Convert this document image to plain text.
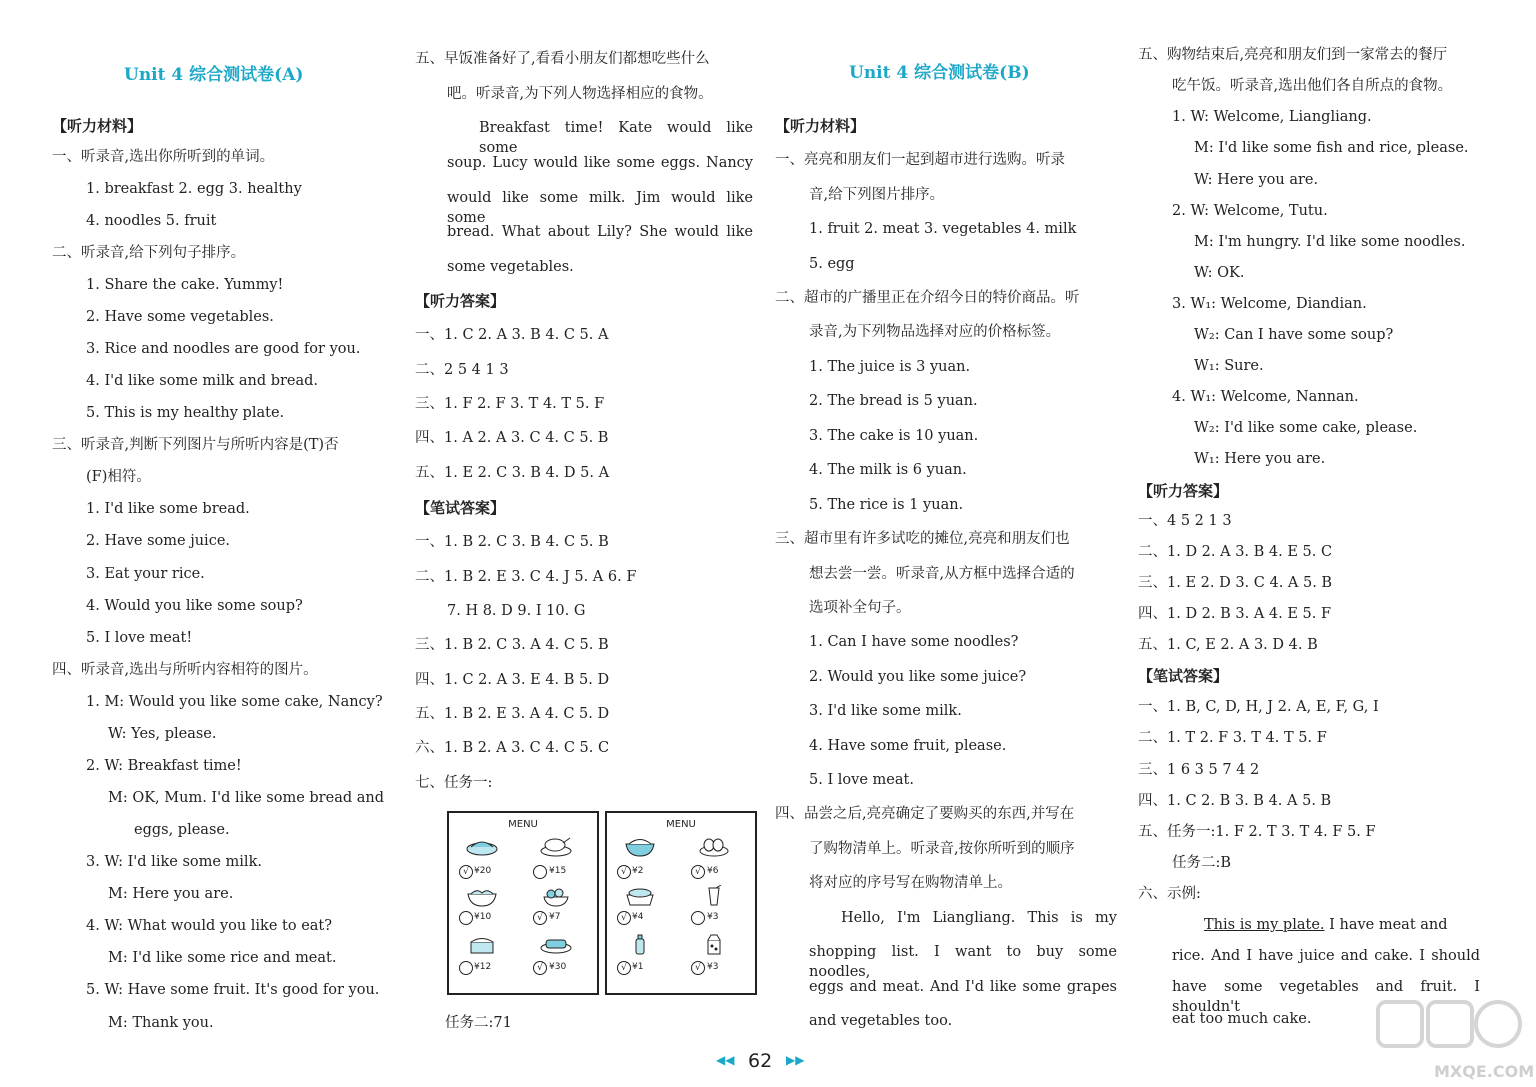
Unit 4 综合测试卷(A)
【听力材料】
一、听录音,选出你所听到的单词。
1. breakfast 2. egg 3. healthy
4. noodles 5. fruit
二、听录音,给下列句子排序。
1. Share the cake. Yummy!
2. Have some vegetables.
3. Rice and noodles are good for you.
4. I'd like some milk and bread.
5. This is my healthy plate.
三、听录音,判断下列图片与所听内容是(T)否
(F)相符。
1. I'd like some bread.
2. Have some juice.
3. Eat your rice.
4. Would you like some soup?
5. I love meat!
四、听录音,选出与所听内容相符的图片。
1. M: Would you like some cake, Nancy?
W: Yes, please.
2. W: Breakfast time!
M: OK, Mum. I'd like some bread and
eggs, please.
3. W: I'd like some milk.
M: Here you are.
4. W: What would you like to eat?
M: I'd like some rice and meat.
5. W: Have some fruit. It's good for you.
M: Thank you.
五、早饭准备好了,看看小朋友们都想吃些什么
吧。听录音,为下列人物选择相应的食物。
Breakfast time! Kate would like some
soup. Lucy would like some eggs. Nancy
would like some milk. Jim would like some
bread. What about Lily? She would like
some vegetables.
【听力答案】
一、1. C 2. A 3. B 4. C 5. A
二、2 5 4 1 3
三、1. F 2. F 3. T 4. T 5. F
四、1. A 2. A 3. C 4. C 5. B
五、1. E 2. C 3. B 4. D 5. A
【笔试答案】
一、1. B 2. C 3. B 4. C 5. B
二、1. B 2. E 3. C 4. J 5. A 6. F
7. H 8. D 9. I 10. G
三、1. B 2. C 3. A 4. C 5. B
四、1. C 2. A 3. E 4. B 5. D
五、1. B 2. E 3. A 4. C 5. D
六、1. B 2. A 3. C 4. C 5. C
七、任务一:
MENU
√ ¥20	¥15
¥10	√ ¥7
¥12	√ ¥30
MENU
√ ¥2	√ ¥6
√ ¥4	¥3
√ ¥1	√ ¥3
任务二:71
Unit 4 综合测试卷(B)
【听力材料】
一、亮亮和朋友们一起到超市进行选购。听录
音,给下列图片排序。
1. fruit 2. meat 3. vegetables 4. milk
5. egg
二、超市的广播里正在介绍今日的特价商品。听
录音,为下列物品选择对应的价格标签。
1. The juice is 3 yuan.
2. The bread is 5 yuan.
3. The cake is 10 yuan.
4. The milk is 6 yuan.
5. The rice is 1 yuan.
三、超市里有许多试吃的摊位,亮亮和朋友们也
想去尝一尝。听录音,从方框中选择合适的
选项补全句子。
1. Can I have some noodles?
2. Would you like some juice?
3. I'd like some milk.
4. Have some fruit, please.
5. I love meat.
四、品尝之后,亮亮确定了要购买的东西,并写在
了购物清单上。听录音,按你所听到的顺序
将对应的序号写在购物清单上。
Hello, I'm Liangliang. This is my
shopping list. I want to buy some noodles,
eggs and meat. And I'd like some grapes
and vegetables too.
五、购物结束后,亮亮和朋友们到一家常去的餐厅
吃午饭。听录音,选出他们各自所点的食物。
1. W: Welcome, Liangliang.
M: I'd like some fish and rice, please.
W: Here you are.
2. W: Welcome, Tutu.
M: I'm hungry. I'd like some noodles.
W: OK.
3. W₁: Welcome, Diandian.
W₂: Can I have some soup?
W₁: Sure.
4. W₁: Welcome, Nannan.
W₂: I'd like some cake, please.
W₁: Here you are.
【听力答案】
一、4 5 2 1 3
二、1. D 2. A 3. B 4. E 5. C
三、1. E 2. D 3. C 4. A 5. B
四、1. D 2. B 3. A 4. E 5. F
五、1. C, E 2. A 3. D 4. B
【笔试答案】
一、1. B, C, D, H, J 2. A, E, F, G, I
二、1. T 2. F 3. T 4. T 5. F
三、1 6 3 5 7 4 2
四、1. C 2. B 3. B 4. A 5. B
五、任务一:1. F 2. T 3. T 4. F 5. F
任务二:B
六、示例:
This is my plate. I have meat and
rice. And I have juice and cake. I should
have some vegetables and fruit. I shouldn't
eat too much cake.
◀◀ 62 ▶▶
MXQE.COM
